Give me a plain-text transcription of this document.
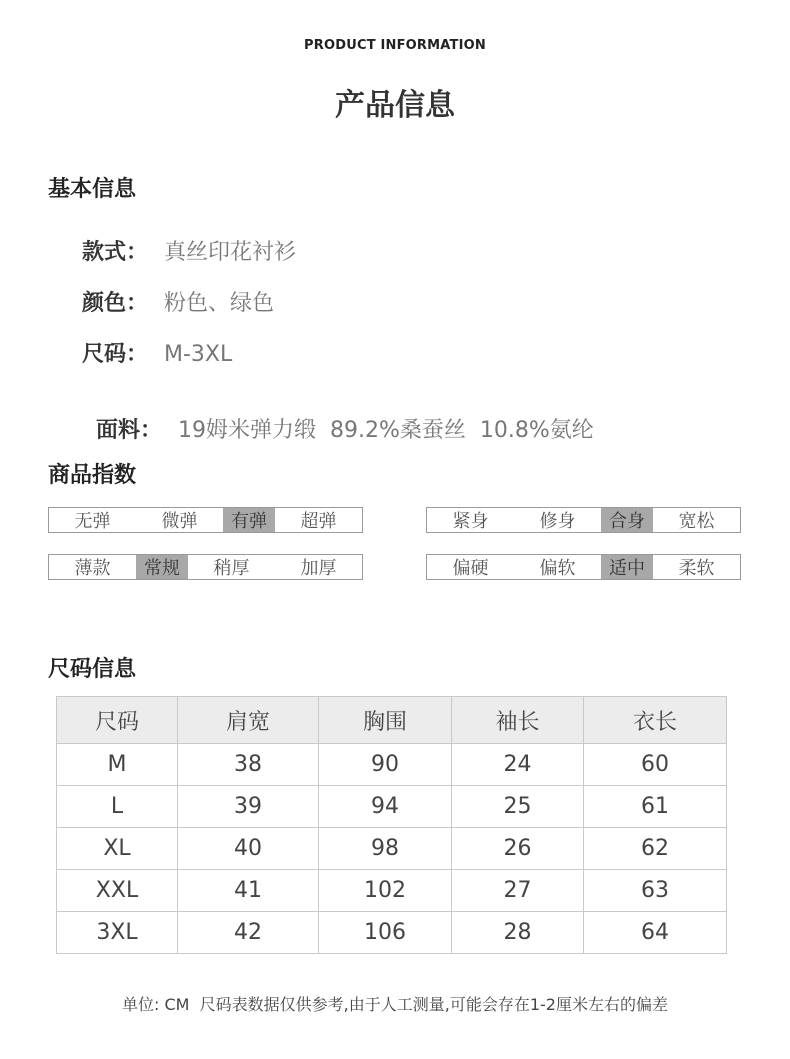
PRODUCT INFORMATION
产品信息
基本信息
款式： 真丝印花衬衫
颜色： 粉色、绿色
尺码： M-3XL

面料： 19姆米弹力缎  89.2%桑蚕丝  10.8%氨纶

商品指数
无弹	微弹	有弹	超弹	紧身	修身	合身	宽松
薄款	常规	稍厚	加厚	偏硬	偏软	适中	柔软
尺码信息
尺码	肩宽	胸围	袖长	衣长
M	38	90	24	60
L	39	94	25	61
XL	40	98	26	62
XXL	41	102	27	63
3XL	42	106	28	64
单位: CM  尺码表数据仅供参考,由于人工测量,可能会存在1-2厘米左右的偏差
